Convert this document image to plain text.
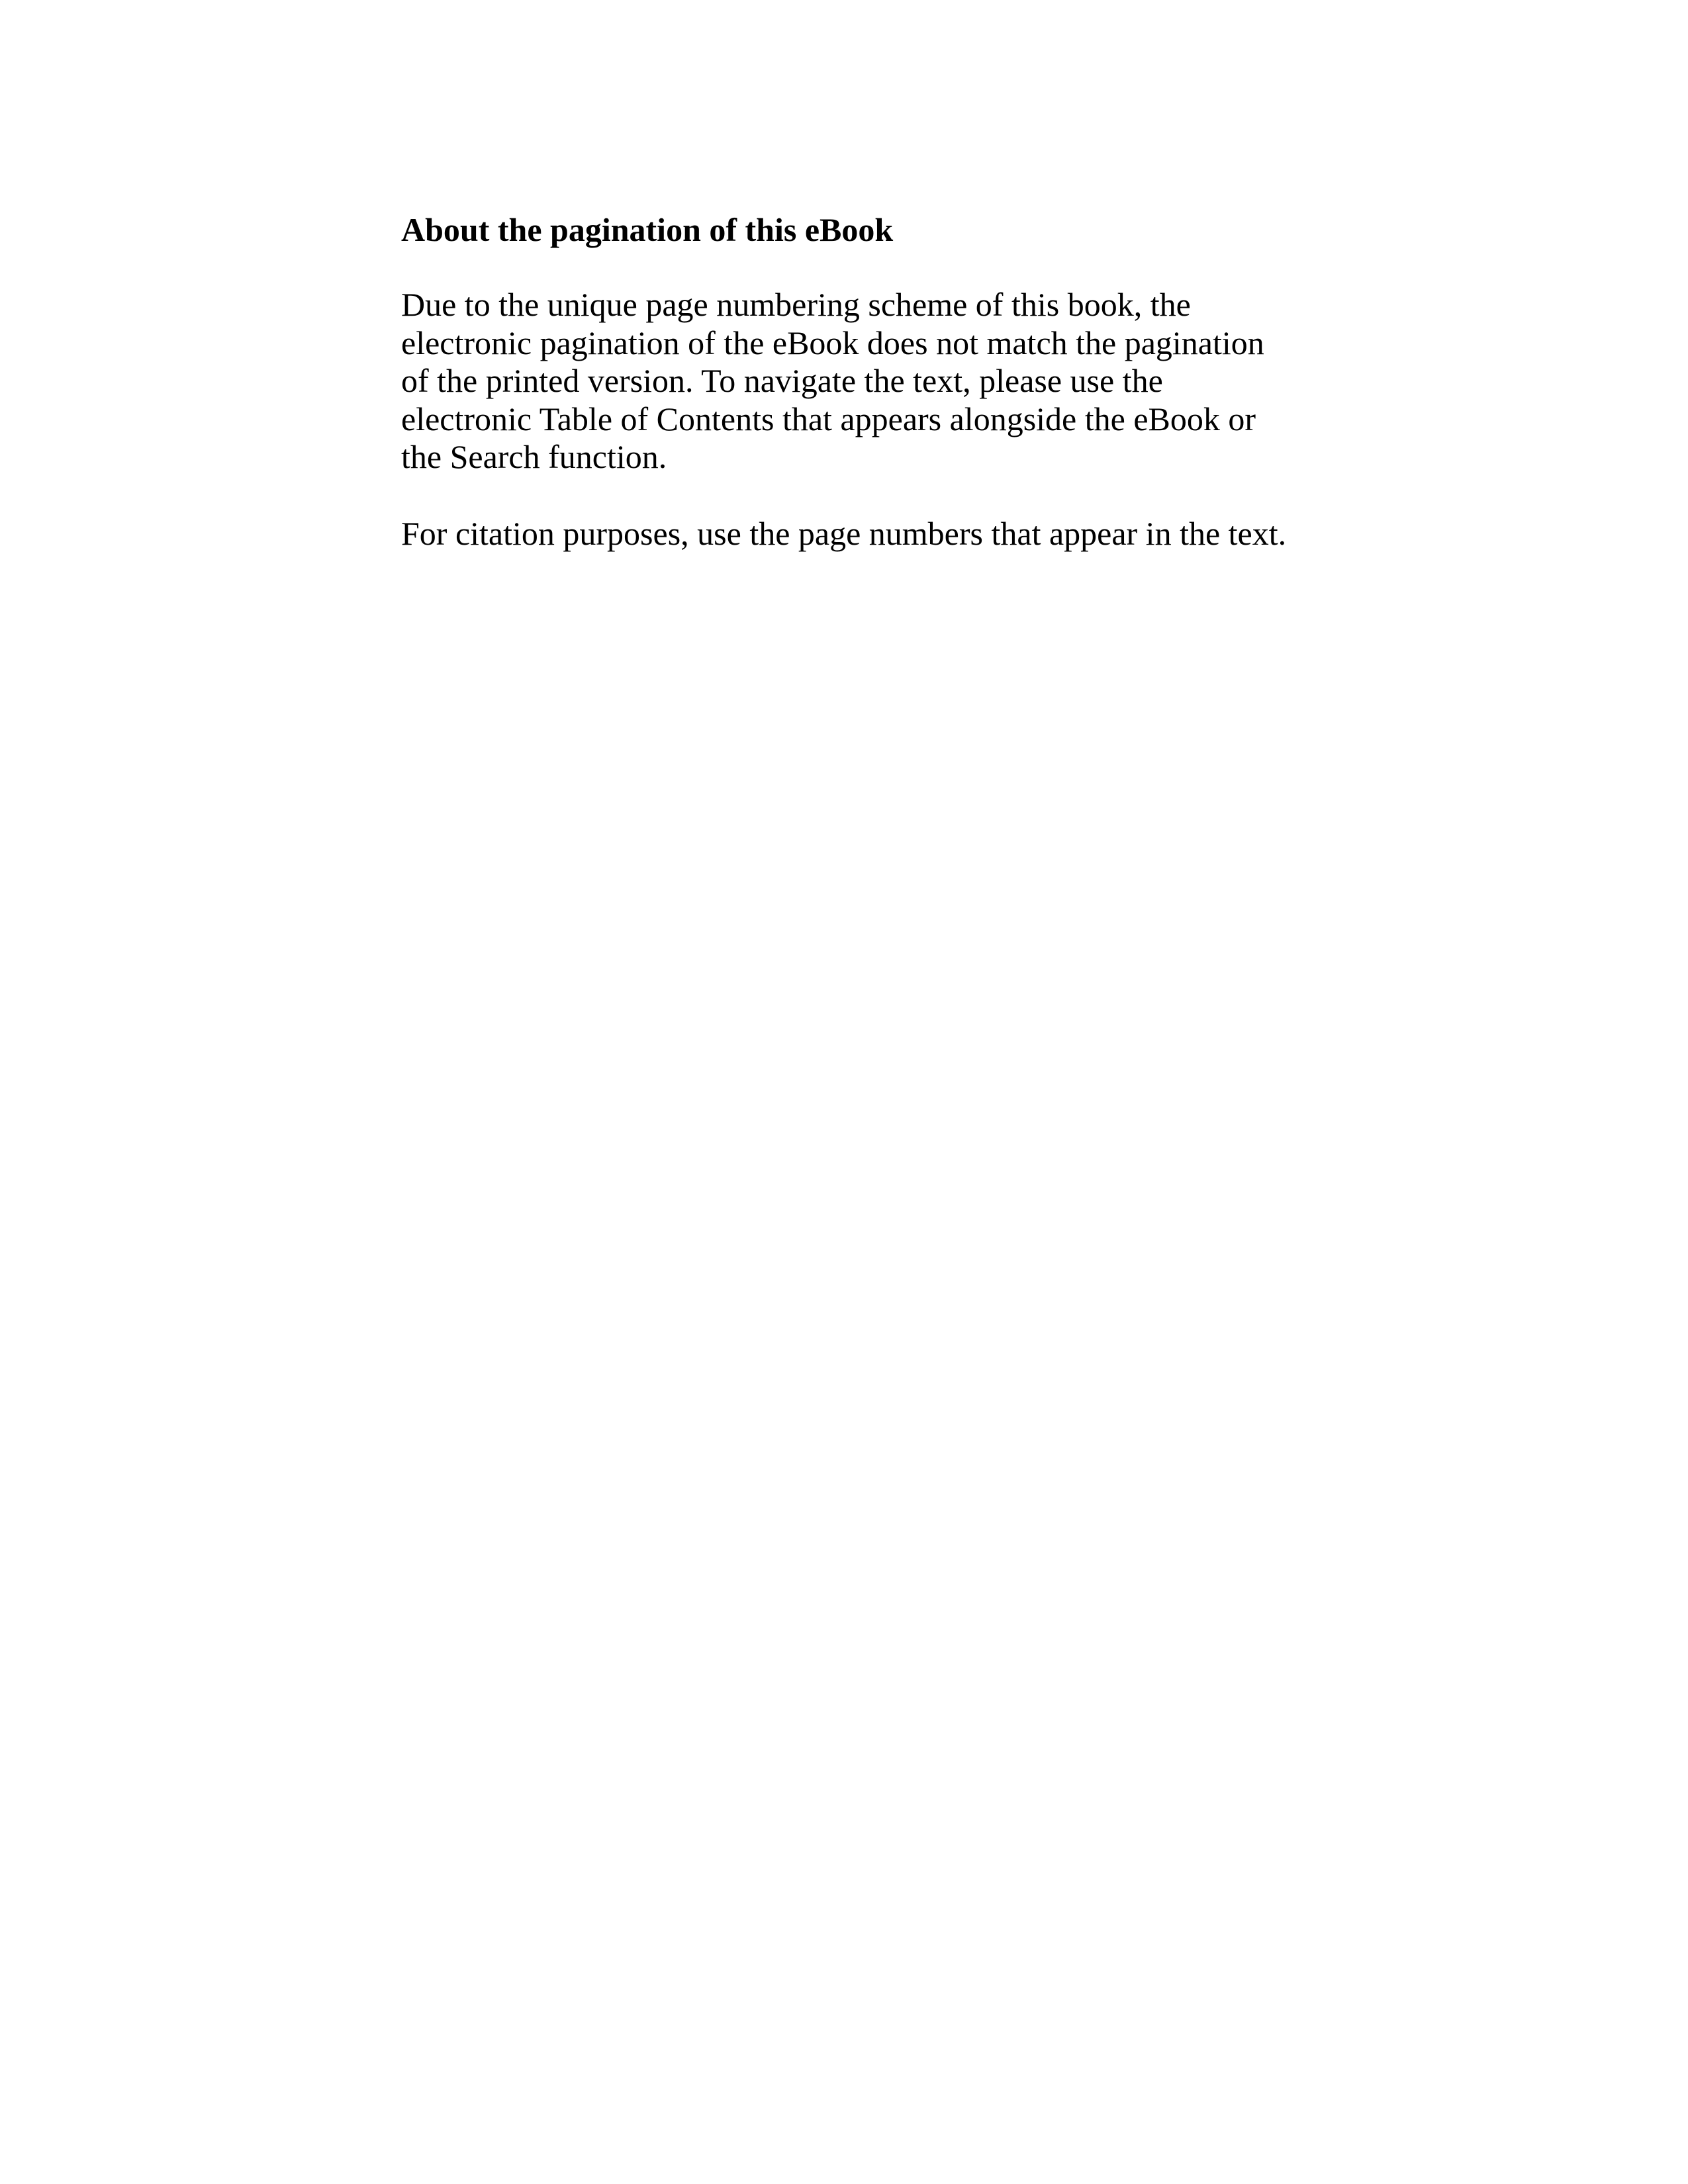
About the pagination of this eBook
Due to the unique page numbering scheme of this book, the
electronic pagination of the eBook does not match the pagination
of the printed version. To navigate the text, please use the
electronic Table of Contents that appears alongside the eBook or
the Search function.
For citation purposes, use the page numbers that appear in the text.
